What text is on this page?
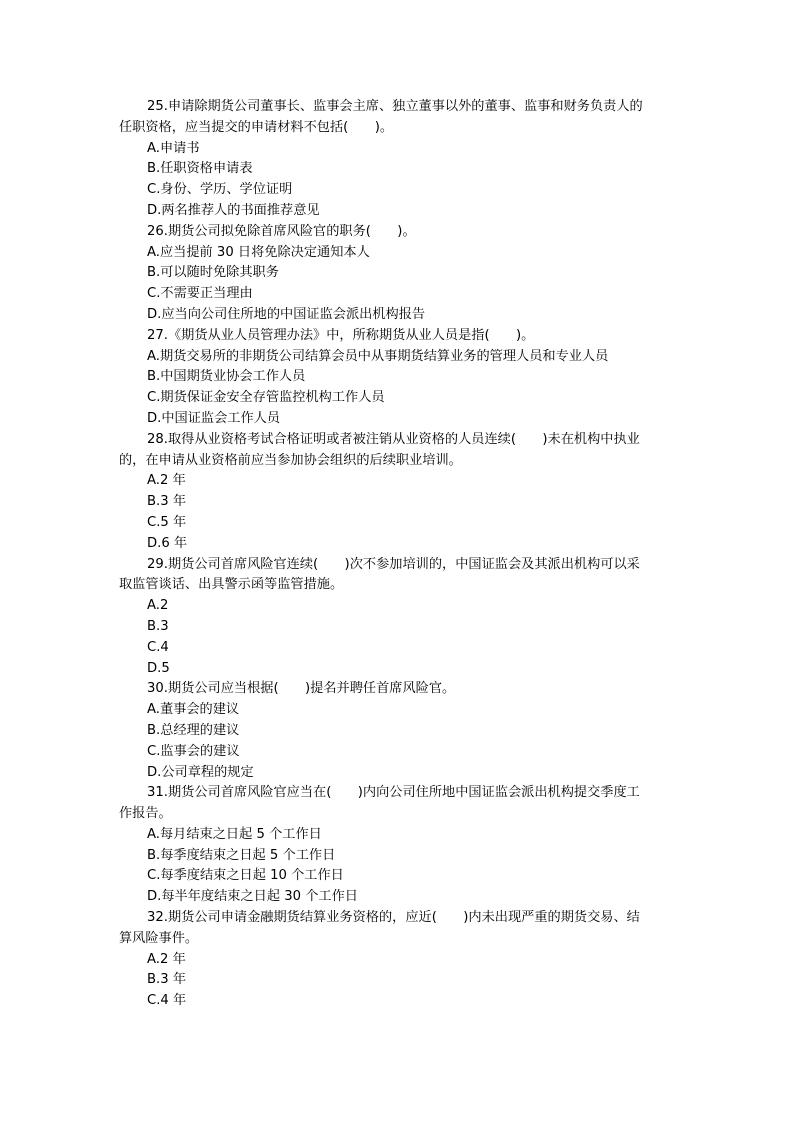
25.申请除期货公司董事长、监事会主席、独立董事以外的董事、监事和财务负责人的
任职资格，应当提交的申请材料不包括(　　)。
A.申请书
B.任职资格申请表
C.身份、学历、学位证明
D.两名推荐人的书面推荐意见
26.期货公司拟免除首席风险官的职务(　　)。
A.应当提前 30 日将免除决定通知本人
B.可以随时免除其职务
C.不需要正当理由
D.应当向公司住所地的中国证监会派出机构报告
27.《期货从业人员管理办法》中，所称期货从业人员是指(　　)。
A.期货交易所的非期货公司结算会员中从事期货结算业务的管理人员和专业人员
B.中国期货业协会工作人员
C.期货保证金安全存管监控机构工作人员
D.中国证监会工作人员
28.取得从业资格考试合格证明或者被注销从业资格的人员连续(　　)未在机构中执业
的，在申请从业资格前应当参加协会组织的后续职业培训。
A.2 年
B.3 年
C.5 年
D.6 年
29.期货公司首席风险官连续(　　)次不参加培训的，中国证监会及其派出机构可以采
取监管谈话、出具警示函等监管措施。
A.2
B.3
C.4
D.5
30.期货公司应当根据(　　)提名并聘任首席风险官。
A.董事会的建议
B.总经理的建议
C.监事会的建议
D.公司章程的规定
31.期货公司首席风险官应当在(　　)内向公司住所地中国证监会派出机构提交季度工
作报告。
A.每月结束之日起 5 个工作日
B.每季度结束之日起 5 个工作日
C.每季度结束之日起 10 个工作日
D.每半年度结束之日起 30 个工作日
32.期货公司申请金融期货结算业务资格的，应近(　　)内未出现严重的期货交易、结
算风险事件。
A.2 年
B.3 年
C.4 年
